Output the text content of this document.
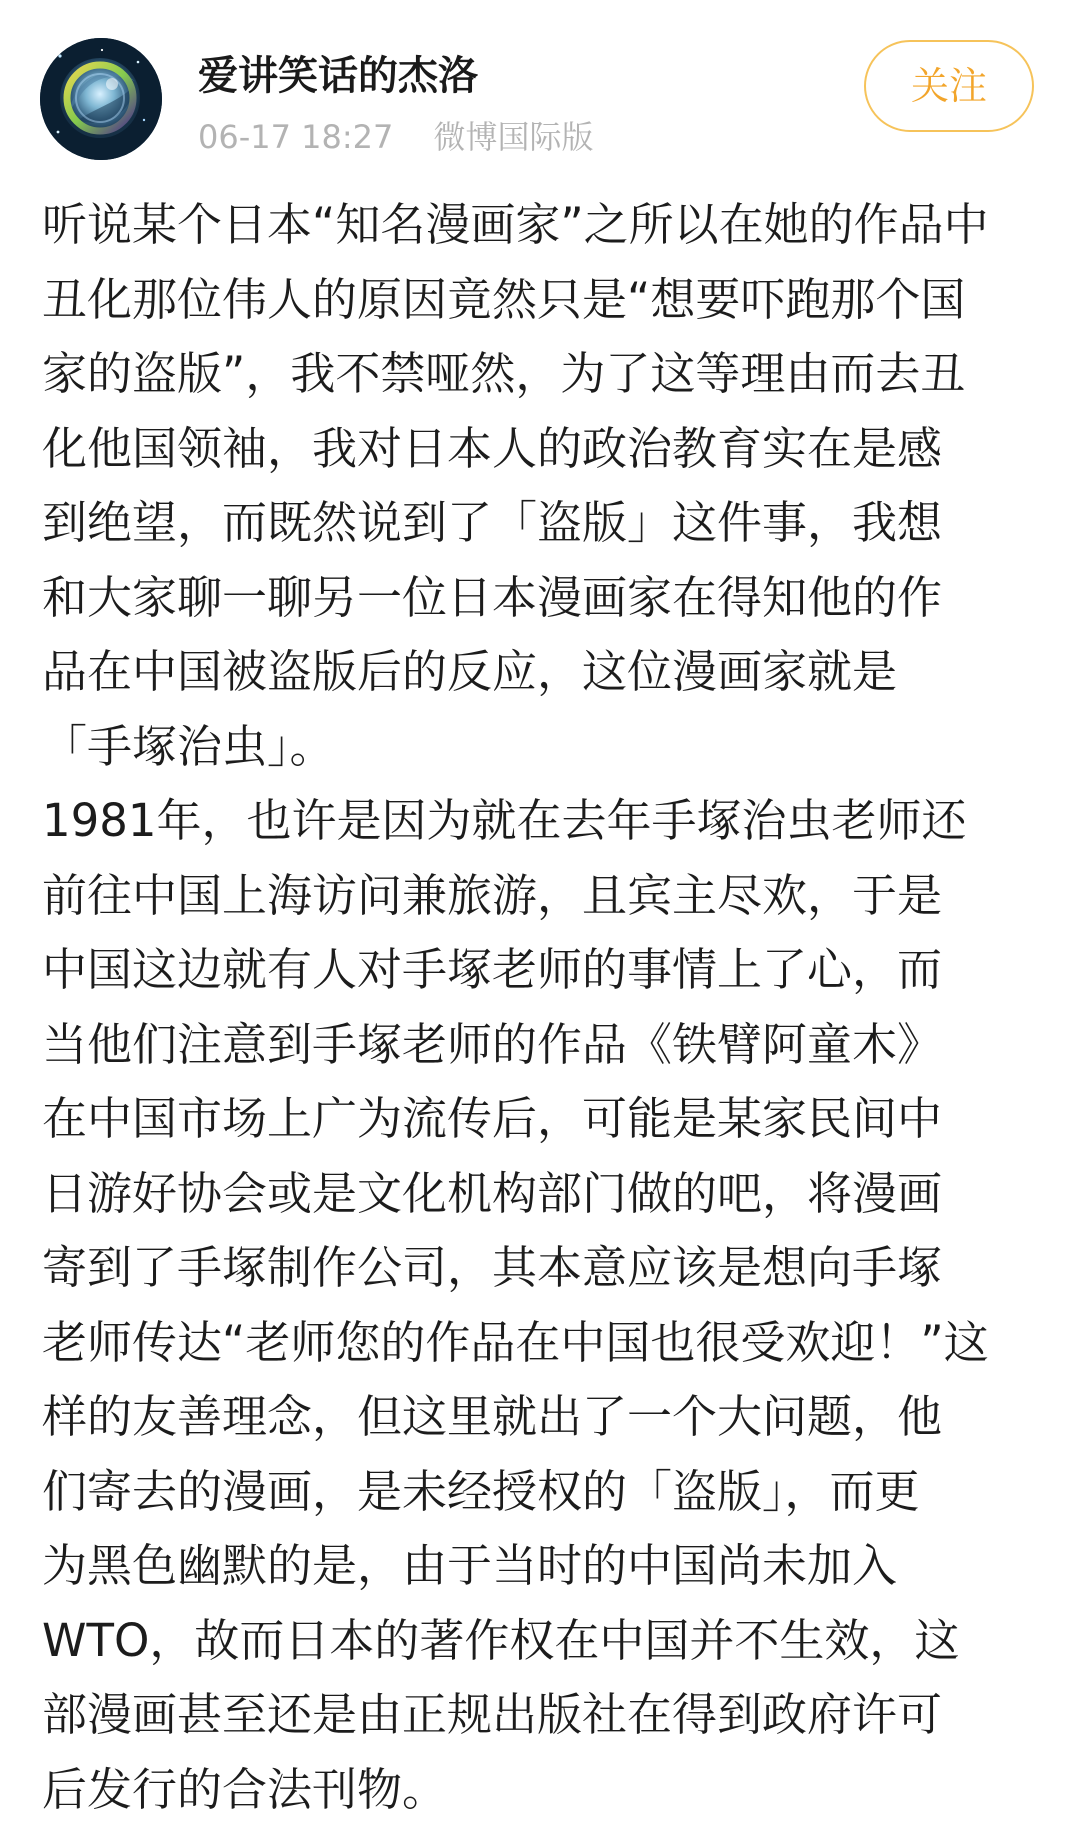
爱讲笑话的杰洛
06-17 18:27 微博国际版
关注
听说某个日本“知名漫画家”之所以在她的作品中
丑化那位伟人的原因竟然只是“想要吓跑那个国
家的盗版”，我不禁哑然，为了这等理由而去丑
化他国领袖，我对日本人的政治教育实在是感
到绝望，而既然说到了「盗版」这件事，我想
和大家聊一聊另一位日本漫画家在得知他的作
品在中国被盗版后的反应，这位漫画家就是
「手塚治虫」。
1981年，也许是因为就在去年手塚治虫老师还
前往中国上海访问兼旅游，且宾主尽欢，于是
中国这边就有人对手塚老师的事情上了心，而
当他们注意到手塚老师的作品《铁臂阿童木》
在中国市场上广为流传后，可能是某家民间中
日游好协会或是文化机构部门做的吧，将漫画
寄到了手塚制作公司，其本意应该是想向手塚
老师传达“老师您的作品在中国也很受欢迎！”这
样的友善理念，但这里就出了一个大问题，他
们寄去的漫画，是未经授权的「盗版」，而更
为黑色幽默的是，由于当时的中国尚未加入
WTO，故而日本的著作权在中国并不生效，这
部漫画甚至还是由正规出版社在得到政府许可
后发行的合法刊物。
